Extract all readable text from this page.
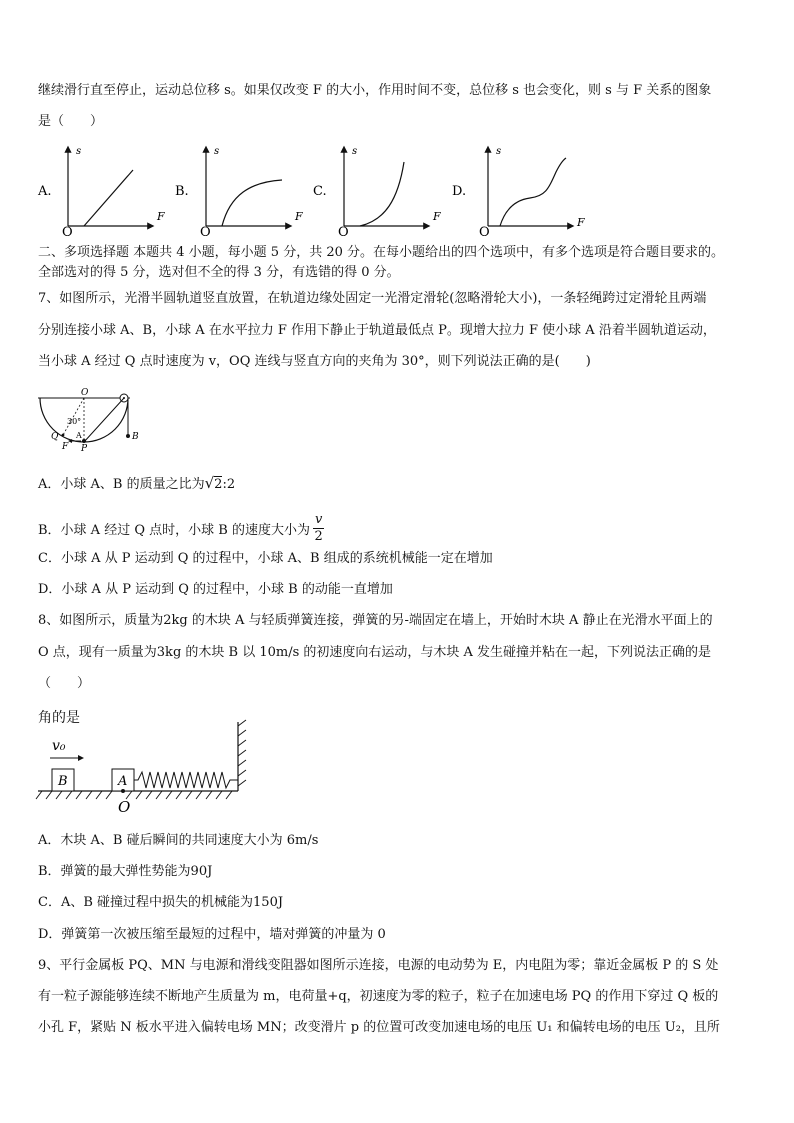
继续滑行直至停止，运动总位移 s。如果仅改变 F 的大小，作用时间不变，总位移 s 也会变化，则 s 与 F 关系的图象
是（　　）
A.
s
F
O
B.
s
F
O
C.
s
F
O
D.
s
F
O
二、多项选择题 本题共 4 小题，每小题 5 分，共 20 分。在每小题给出的四个选项中，有多个选项是符合题目要求的。
全部选对的得 5 分，选对但不全的得 3 分，有选错的得 0 分。
7、如图所示，光滑半圆轨道竖直放置，在轨道边缘处固定一光滑定滑轮(忽略滑轮大小)，一条轻绳跨过定滑轮且两端
分别连接小球 A、B，小球 A 在水平拉力 F 作用下静止于轨道最低点 P。现增大拉力 F 使小球 A 沿着半圆轨道运动，
当小球 A 经过 Q 点时速度为 v，OQ 连线与竖直方向的夹角为 30°，则下列说法正确的是(　　)
O
30°
Q
F
A
P
B
A．小球 A、B 的质量之比为√2:2
B．小球 A 经过 Q 点时，小球 B 的速度大小为 $\frac{v}{2}$
C．小球 A 从 P 运动到 Q 的过程中，小球 A、B 组成的系统机械能一定在增加
D．小球 A 从 P 运动到 Q 的过程中，小球 B 的动能一直增加
8、如图所示，质量为2kg 的木块 A 与轻质弹簧连接，弹簧的另-端固定在墙上，开始时木块 A 静止在光滑水平面上的
O 点，现有一质量为3kg 的木块 B 以 10m/s 的初速度向右运动，与木块 A 发生碰撞并粘在一起，下列说法正确的是
（　　）
角的是
v₀
B	A
O
A．木块 A、B 碰后瞬间的共同速度大小为 6m/s
B．弹簧的最大弹性势能为90J
C．A、B 碰撞过程中损失的机械能为150J
D．弹簧第一次被压缩至最短的过程中，墙对弹簧的冲量为 0
9、平行金属板 PQ、MN 与电源和滑线变阻器如图所示连接，电源的电动势为 E，内电阻为零；靠近金属板 P 的 S 处
有一粒子源能够连续不断地产生质量为 m，电荷量+q，初速度为零的粒子，粒子在加速电场 PQ 的作用下穿过 Q 板的
小孔 F，紧贴 N 板水平进入偏转电场 MN；改变滑片 p 的位置可改变加速电场的电压 U₁ 和偏转电场的电压 U₂，且所
